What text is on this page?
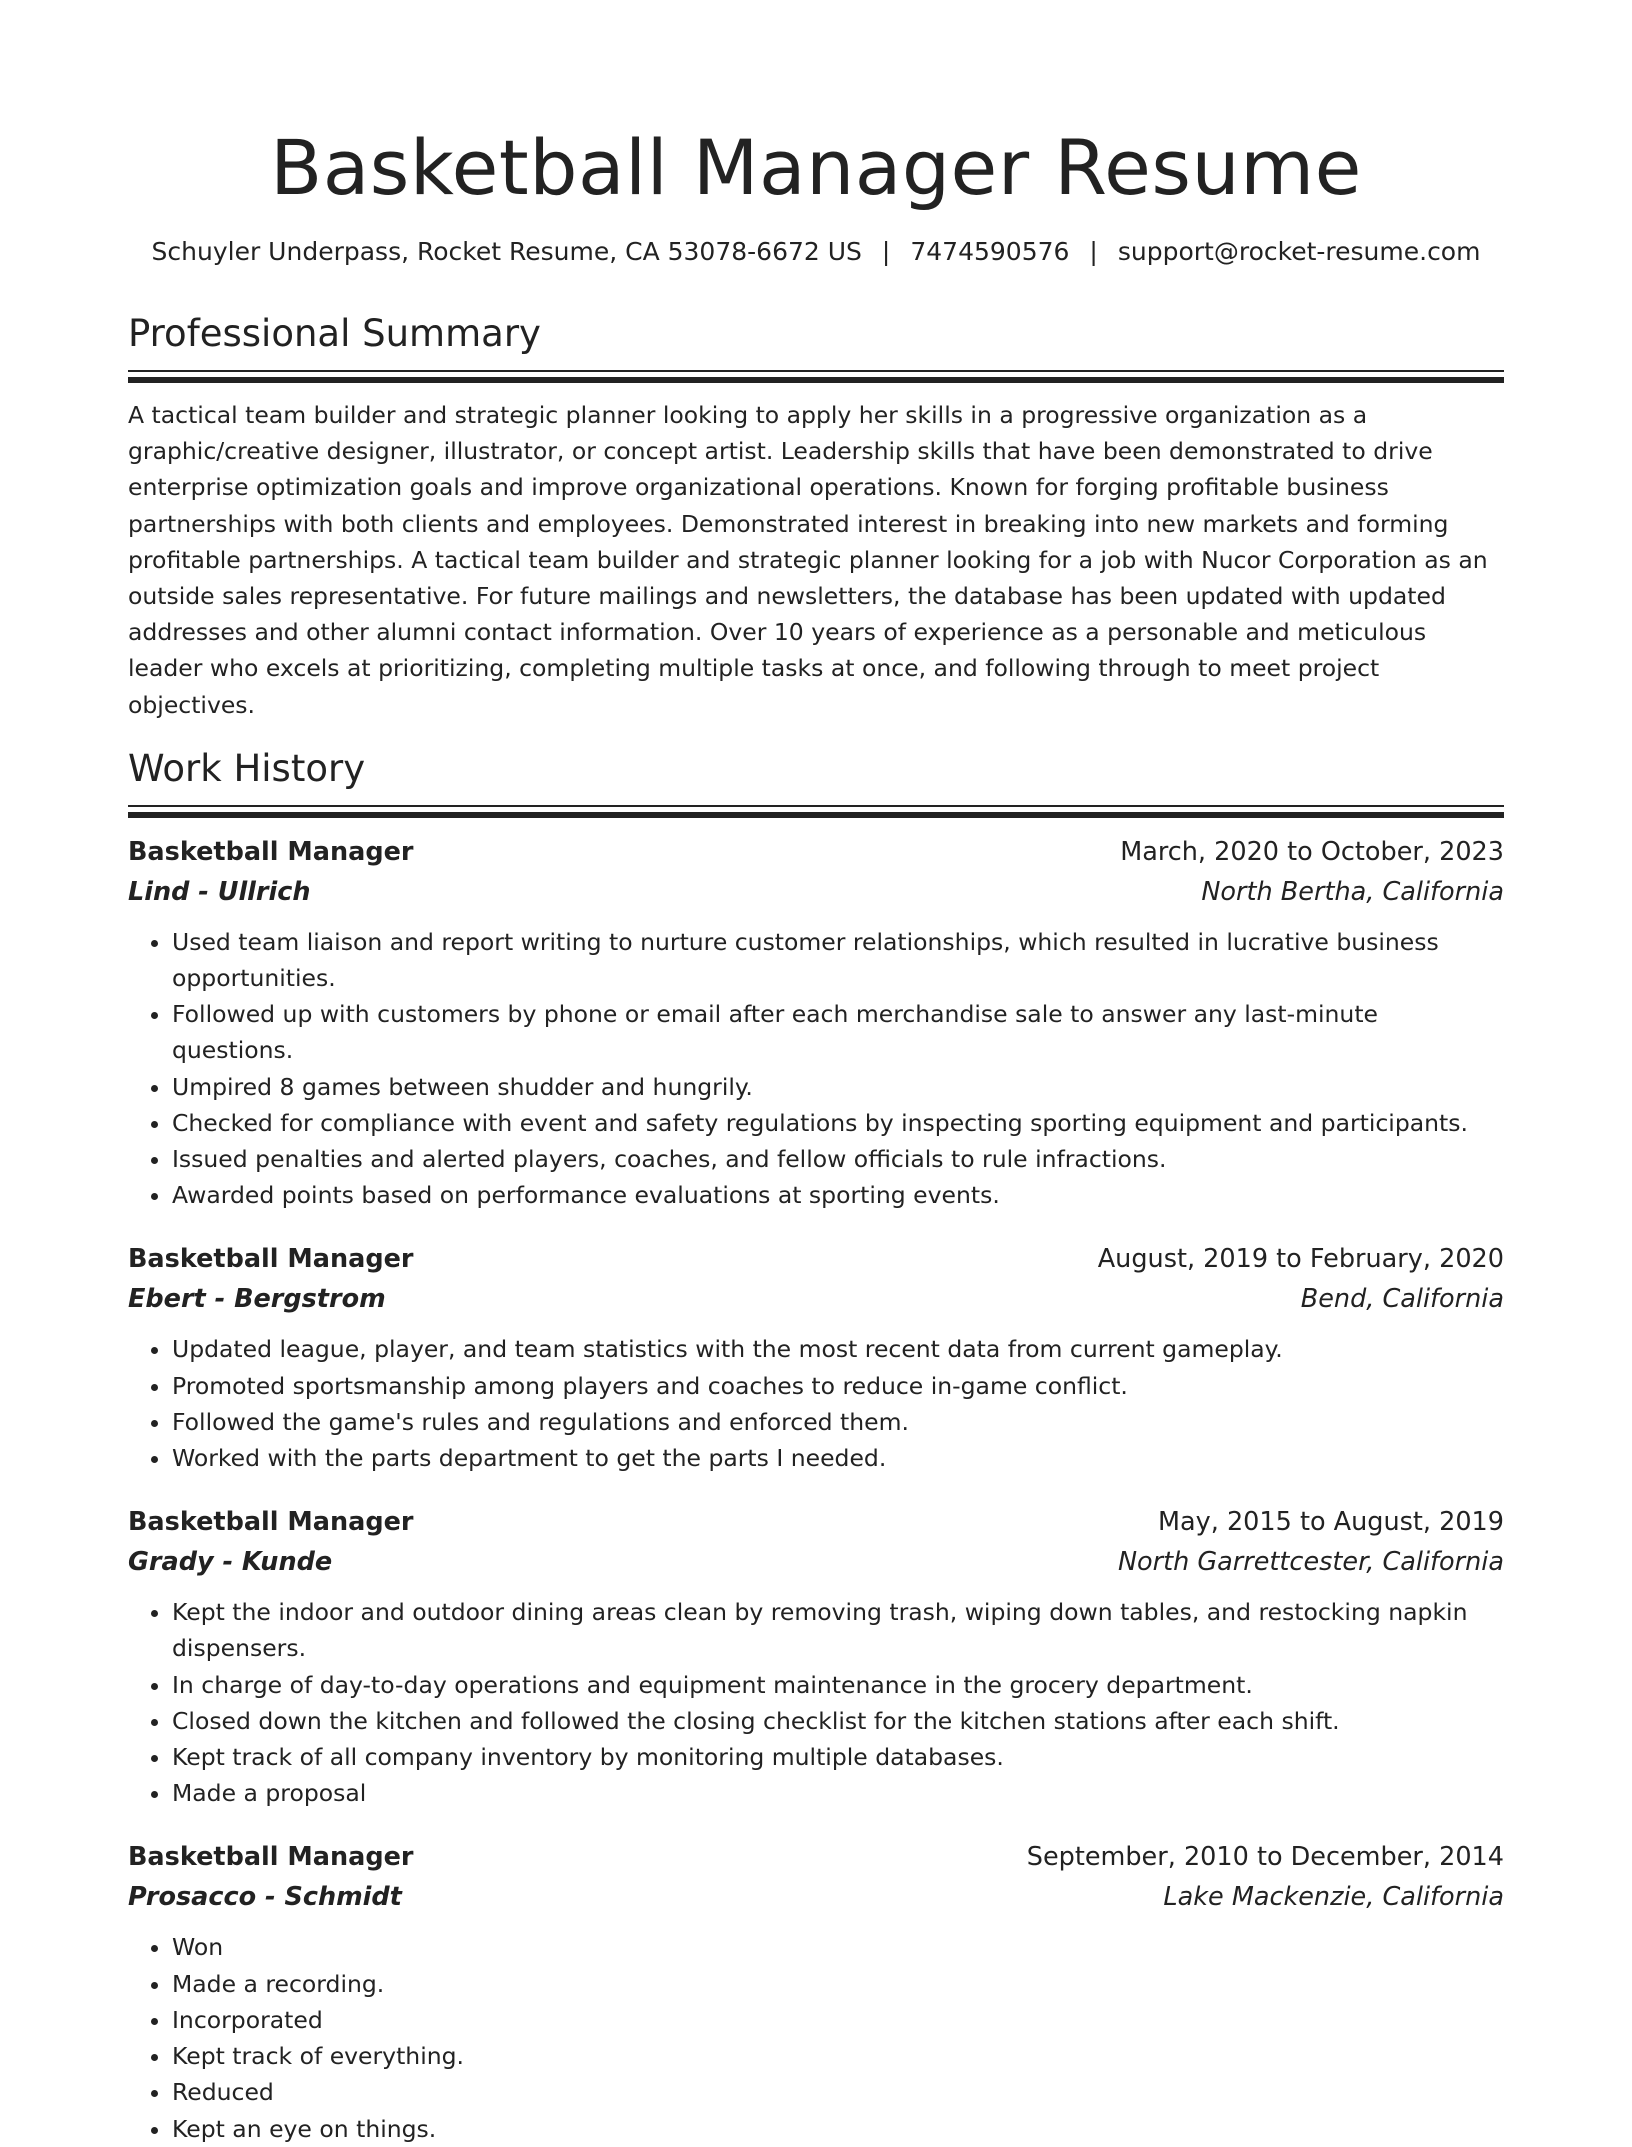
Basketball Manager Resume
Schuyler Underpass, Rocket Resume, CA 53078-6672 US | 7474590576 | support@rocket-resume.com
Professional Summary

A tactical team builder and strategic planner looking to apply her skills in a progressive organization as a graphic/creative designer, illustrator, or concept artist. Leadership skills that have been demonstrated to drive enterprise optimization goals and improve organizational operations. Known for forging profitable business partnerships with both clients and employees. Demonstrated interest in breaking into new markets and forming profitable partnerships. A tactical team builder and strategic planner looking for a job with Nucor Corporation as an outside sales representative. For future mailings and newsletters, the database has been updated with updated addresses and other alumni contact information. Over 10 years of experience as a personable and meticulous leader who excels at prioritizing, completing multiple tasks at once, and following through to meet project objectives.

Work History
Basketball Manager	March, 2020 to October, 2023
Lind - Ullrich	North Bertha, California
• Used team liaison and report writing to nurture customer relationships, which resulted in lucrative business opportunities.
• Followed up with customers by phone or email after each merchandise sale to answer any last-minute questions.
• Umpired 8 games between shudder and hungrily.
• Checked for compliance with event and safety regulations by inspecting sporting equipment and participants.
• Issued penalties and alerted players, coaches, and fellow officials to rule infractions.
• Awarded points based on performance evaluations at sporting events.
Basketball Manager	August, 2019 to February, 2020
Ebert - Bergstrom	Bend, California
• Updated league, player, and team statistics with the most recent data from current gameplay.
• Promoted sportsmanship among players and coaches to reduce in-game conflict.
• Followed the game's rules and regulations and enforced them.
• Worked with the parts department to get the parts I needed.
Basketball Manager	May, 2015 to August, 2019
Grady - Kunde	North Garrettcester, California
• Kept the indoor and outdoor dining areas clean by removing trash, wiping down tables, and restocking napkin dispensers.
• In charge of day-to-day operations and equipment maintenance in the grocery department.
• Closed down the kitchen and followed the closing checklist for the kitchen stations after each shift.
• Kept track of all company inventory by monitoring multiple databases.
• Made a proposal
Basketball Manager	September, 2010 to December, 2014
Prosacco - Schmidt	Lake Mackenzie, California
• Won
• Made a recording.
• Incorporated
• Kept track of everything.
• Reduced
• Kept an eye on things.
